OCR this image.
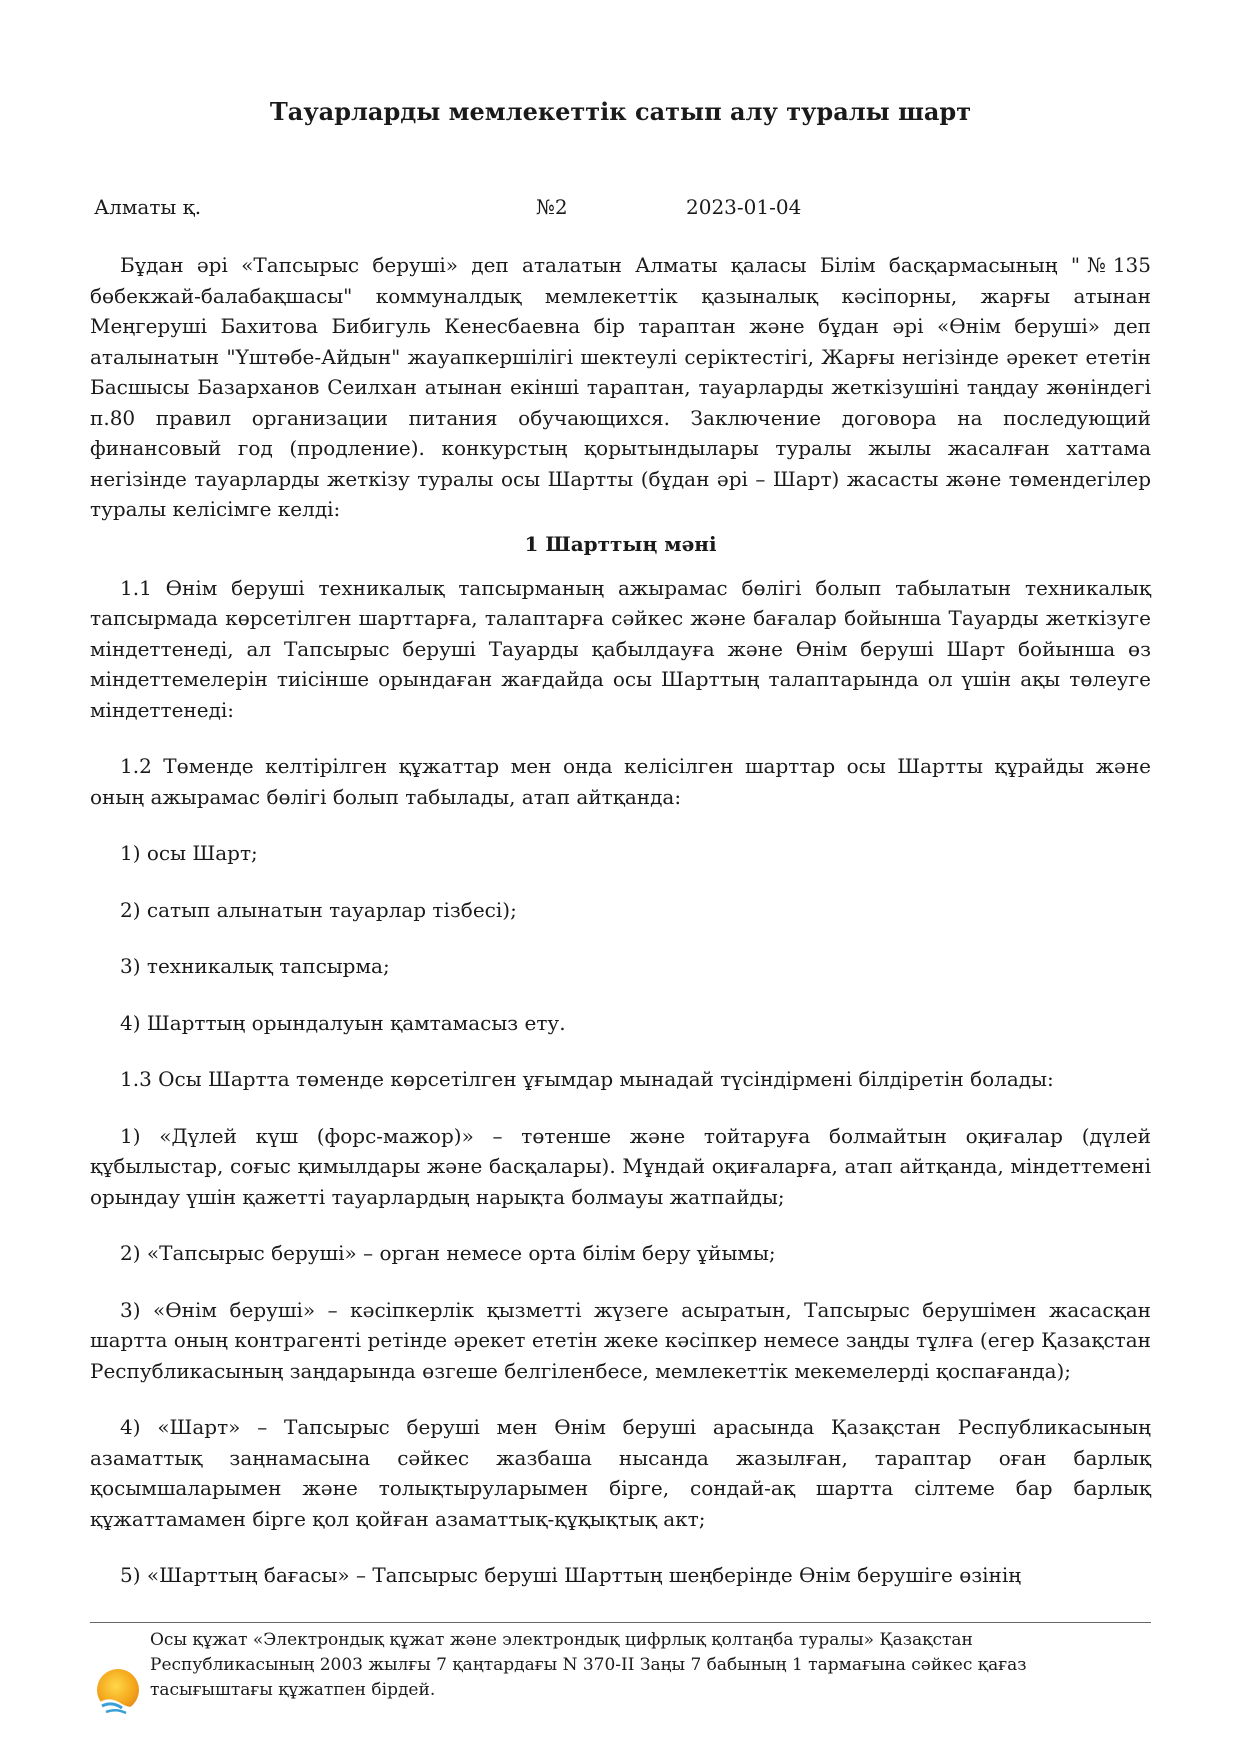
Тауарларды мемлекеттік сатып алу туралы шарт
Алматы қ.	№2	2023-01-04

Бұдан әрі «Тапсырыс беруші» деп аталатын Алматы қаласы Білім басқармасының "№135 бөбекжай-балабақшасы" коммуналдық мемлекеттік қазыналық кәсіпорны, жарғы атынан Меңгеруші Бахитова Бибигуль Кенесбаевна бір тараптан және бұдан әрі «Өнім беруші» деп аталынатын "Үштөбе-Айдын" жауапкершілігі шектеулі серіктестігі, Жарғы негізінде әрекет ететін Басшысы Базарханов Сеилхан атынан екінші тараптан, тауарларды жеткізушіні таңдау жөніндегі п.80 правил организации питания обучающихся. Заключение договора на последующий финансовый год (продление). конкурстың қорытындылары туралы жылы жасалған хаттама негізінде тауарларды жеткізу туралы осы Шартты (бұдан әрі – Шарт) жасасты және төмендегілер туралы келісімге келді:

1 Шарттың мәні

1.1 Өнім беруші техникалық тапсырманың ажырамас бөлігі болып табылатын техникалық тапсырмада көрсетілген шарттарға, талаптарға сәйкес және бағалар бойынша Тауарды жеткізуге міндеттенеді, ал Тапсырыс беруші Тауарды қабылдауға және Өнім беруші Шарт бойынша өз міндеттемелерін тиісінше орындаған жағдайда осы Шарттың талаптарында ол үшін ақы төлеуге міндеттенеді:

1.2 Төменде келтірілген құжаттар мен онда келісілген шарттар осы Шартты құрайды және оның ажырамас бөлігі болып табылады, атап айтқанда:

1) осы Шарт;

2) сатып алынатын тауарлар тізбесі);

3) техникалық тапсырма;

4) Шарттың орындалуын қамтамасыз ету.

1.3 Осы Шартта төменде көрсетілген ұғымдар мынадай түсіндірмені білдіретін болады:

1) «Дүлей күш (форс-мажор)» – төтенше және тойтаруға болмайтын оқиғалар (дүлей құбылыстар, соғыс қимылдары және басқалары). Мұндай оқиғаларға, атап айтқанда, міндеттемені орындау үшін қажетті тауарлардың нарықта болмауы жатпайды;

2) «Тапсырыс беруші» – орган немесе орта білім беру ұйымы;

3) «Өнім беруші» – кәсіпкерлік қызметті жүзеге асыратын, Тапсырыс берушімен жасасқан шартта оның контрагенті ретінде әрекет ететін жеке кәсіпкер немесе заңды тұлға (егер Қазақстан Республикасының заңдарында өзгеше белгіленбесе, мемлекеттік мекемелерді қоспағанда);

4) «Шарт» – Тапсырыс беруші мен Өнім беруші арасында Қазақстан Республикасының азаматтық заңнамасына сәйкес жазбаша нысанда жазылған, тараптар оған барлық қосымшаларымен және толықтыруларымен бірге, сондай-ақ шартта сілтеме бар барлық құжаттамамен бірге қол қойған азаматтық-құқықтық акт;

5) «Шарттың бағасы» – Тапсырыс беруші Шарттың шеңберінде Өнім берушіге өзінің

Осы құжат «Электрондық құжат және электрондық цифрлық қолтаңба туралы» Қазақстан Республикасының 2003 жылғы 7 қаңтардағы N 370-II Заңы 7 бабының 1 тармағына сәйкес қағаз тасығыштағы құжатпен бірдей.
